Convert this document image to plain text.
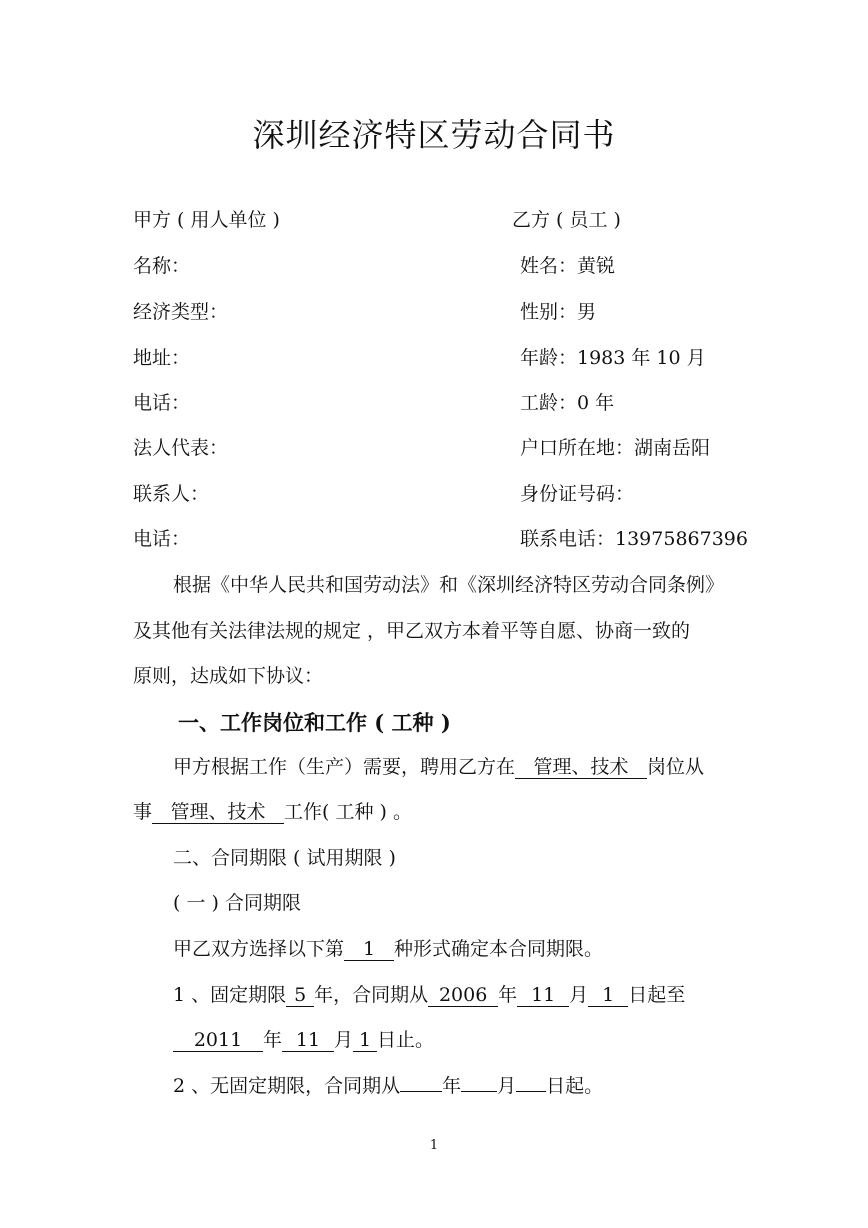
深圳经济特区劳动合同书
甲方 ( 用人单位 )
名称：
经济类型：
地址：
电话：
法人代表：
联系人：
电话：
乙方 ( 员工 )
姓名：黄锐
性别：男
年龄：1983 年 10 月
工龄：0 年
户口所在地：湖南岳阳
身份证号码：
联系电话：13975867396
根据《中华人民共和国劳动法》和《深圳经济特区劳动合同条例》
及其他有关法律法规的规定 ，甲乙双方本着平等自愿、协商一致的
原则，达成如下协议：
一、工作岗位和工作 ( 工种 )
甲方根据工作（生产）需要，聘用乙方在 管理、技术 岗位从
事 管理、技术 工作( 工种 ) 。
二、合同期限 ( 试用期限 )
( 一 ) 合同期限
甲乙双方选择以下第 1 种形式确定本合同期限。
1 、固定期限 5 年，合同期从 2006 年 11 月 1 日起至
2011 年 11 月 1 日止。
2 、无固定期限，合同期从 年 月 日起。
1
